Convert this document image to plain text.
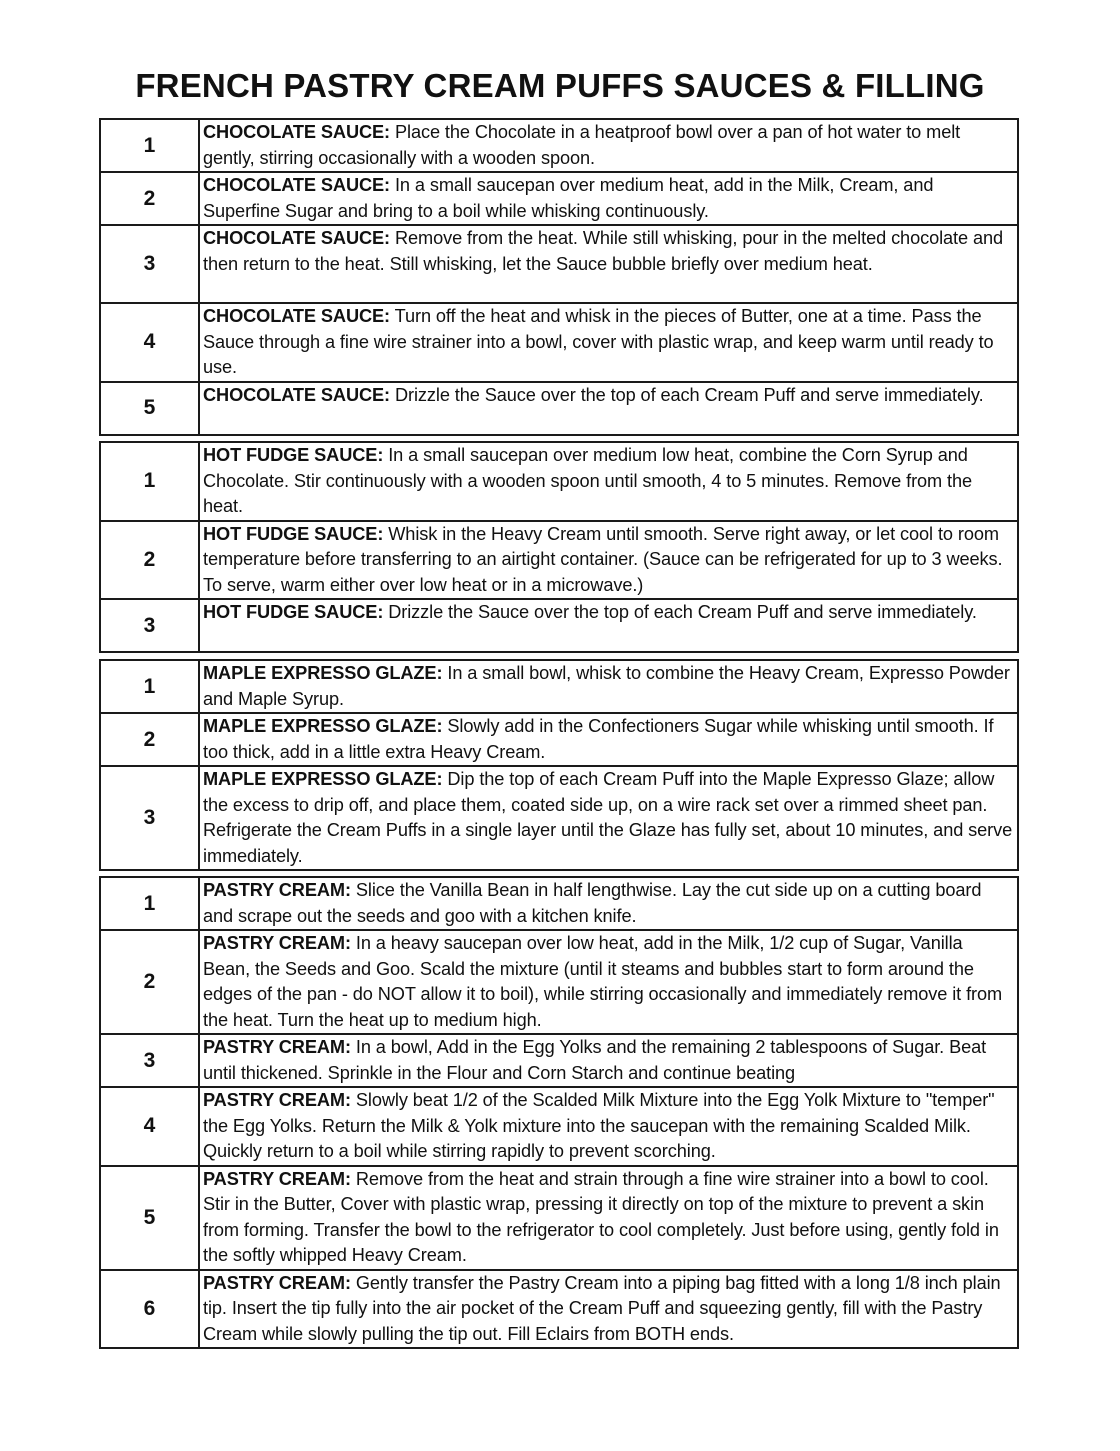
FRENCH PASTRY CREAM PUFFS SAUCES & FILLING
1	CHOCOLATE SAUCE: Place the Chocolate in a heatproof bowl over a pan of hot water to melt gently, stirring occasionally with a wooden spoon.
2	CHOCOLATE SAUCE: In a small saucepan over medium heat, add in the Milk, Cream, and Superfine Sugar and bring to a boil while whisking continuously.
3	CHOCOLATE SAUCE: Remove from the heat. While still whisking, pour in the melted chocolate and then return to the heat. Still whisking, let the Sauce bubble briefly over medium heat.
4	CHOCOLATE SAUCE: Turn off the heat and whisk in the pieces of Butter, one at a time. Pass the Sauce through a fine wire strainer into a bowl, cover with plastic wrap, and keep warm until ready to use.
5	CHOCOLATE SAUCE: Drizzle the Sauce over the top of each Cream Puff and serve immediately.
1	HOT FUDGE SAUCE: In a small saucepan over medium low heat, combine the Corn Syrup and Chocolate. Stir continuously with a wooden spoon until smooth, 4 to 5 minutes. Remove from the heat.
2	HOT FUDGE SAUCE: Whisk in the Heavy Cream until smooth. Serve right away, or let cool to room temperature before transferring to an airtight container. (Sauce can be refrigerated for up to 3 weeks. To serve, warm either over low heat or in a microwave.)
3	HOT FUDGE SAUCE: Drizzle the Sauce over the top of each Cream Puff and serve immediately.
1	MAPLE EXPRESSO GLAZE: In a small bowl, whisk to combine the Heavy Cream, Expresso Powder and Maple Syrup.
2	MAPLE EXPRESSO GLAZE: Slowly add in the Confectioners Sugar while whisking until smooth. If too thick, add in a little extra Heavy Cream.
3	MAPLE EXPRESSO GLAZE: Dip the top of each Cream Puff into the Maple Expresso Glaze; allow the excess to drip off, and place them, coated side up, on a wire rack set over a rimmed sheet pan. Refrigerate the Cream Puffs in a single layer until the Glaze has fully set, about 10 minutes, and serve immediately.
1	PASTRY CREAM: Slice the Vanilla Bean in half lengthwise. Lay the cut side up on a cutting board and scrape out the seeds and goo with a kitchen knife.
2	PASTRY CREAM: In a heavy saucepan over low heat, add in the Milk, 1/2 cup of Sugar, Vanilla Bean, the Seeds and Goo. Scald the mixture (until it steams and bubbles start to form around the edges of the pan - do NOT allow it to boil), while stirring occasionally and immediately remove it from the heat. Turn the heat up to medium high.
3	PASTRY CREAM: In a bowl, Add in the Egg Yolks and the remaining 2 tablespoons of Sugar. Beat until thickened. Sprinkle in the Flour and Corn Starch and continue beating
4	PASTRY CREAM: Slowly beat 1/2 of the Scalded Milk Mixture into the Egg Yolk Mixture to "temper" the Egg Yolks. Return the Milk & Yolk mixture into the saucepan with the remaining Scalded Milk. Quickly return to a boil while stirring rapidly to prevent scorching.
5	PASTRY CREAM: Remove from the heat and strain through a fine wire strainer into a bowl to cool. Stir in the Butter, Cover with plastic wrap, pressing it directly on top of the mixture to prevent a skin from forming. Transfer the bowl to the refrigerator to cool completely. Just before using, gently fold in the softly whipped Heavy Cream.
6	PASTRY CREAM: Gently transfer the Pastry Cream into a piping bag fitted with a long 1/8 inch plain tip. Insert the tip fully into the air pocket of the Cream Puff and squeezing gently, fill with the Pastry Cream while slowly pulling the tip out. Fill Eclairs from BOTH ends.
